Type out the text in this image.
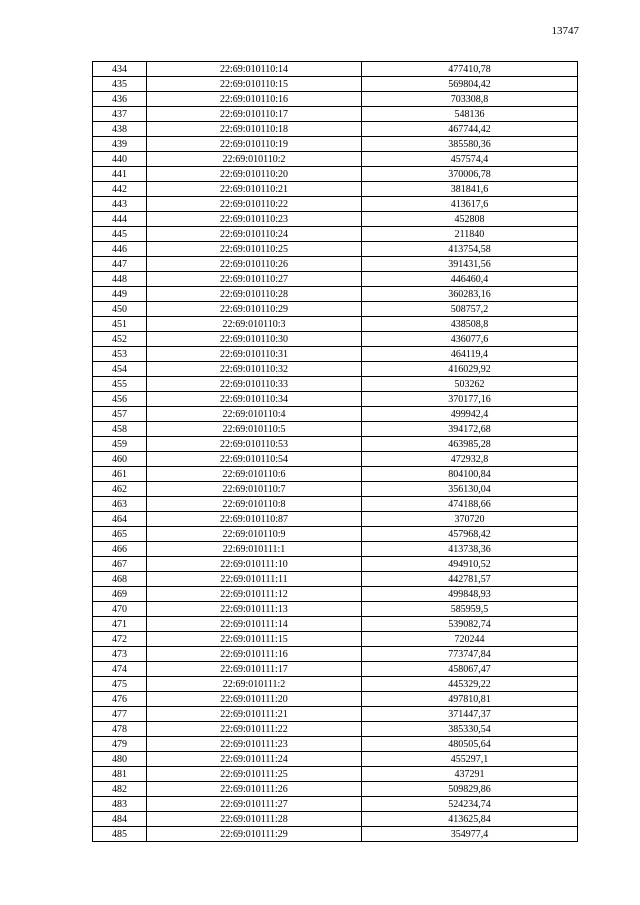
13747
434	22:69:010110:14	477410,78
435	22:69:010110:15	569804,42
436	22:69:010110:16	703308,8
437	22:69:010110:17	548136
438	22:69:010110:18	467744,42
439	22:69:010110:19	385580,36
440	22:69:010110:2	457574,4
441	22:69:010110:20	370006,78
442	22:69:010110:21	381841,6
443	22:69:010110:22	413617,6
444	22:69:010110:23	452808
445	22:69:010110:24	211840
446	22:69:010110:25	413754,58
447	22:69:010110:26	391431,56
448	22:69:010110:27	446460,4
449	22:69:010110:28	360283,16
450	22:69:010110:29	508757,2
451	22:69:010110:3	438508,8
452	22:69:010110:30	436077,6
453	22:69:010110:31	464119,4
454	22:69:010110:32	416029,92
455	22:69:010110:33	503262
456	22:69:010110:34	370177,16
457	22:69:010110:4	499942,4
458	22:69:010110:5	394172,68
459	22:69:010110:53	463985,28
460	22:69:010110:54	472932,8
461	22:69:010110:6	804100,84
462	22:69:010110:7	356130,04
463	22:69:010110:8	474188,66
464	22:69:010110:87	370720
465	22:69:010110:9	457968,42
466	22:69:010111:1	413738,36
467	22:69:010111:10	494910,52
468	22:69:010111:11	442781,57
469	22:69:010111:12	499848,93
470	22:69:010111:13	585959,5
471	22:69:010111:14	539082,74
472	22:69:010111:15	720244
473	22:69:010111:16	773747,84
474	22:69:010111:17	458067,47
475	22:69:010111:2	445329,22
476	22:69:010111:20	497810,81
477	22:69:010111:21	371447,37
478	22:69:010111:22	385330,54
479	22:69:010111:23	480505,64
480	22:69:010111:24	455297,1
481	22:69:010111:25	437291
482	22:69:010111:26	509829,86
483	22:69:010111:27	524234,74
484	22:69:010111:28	413625,84
485	22:69:010111:29	354977,4
